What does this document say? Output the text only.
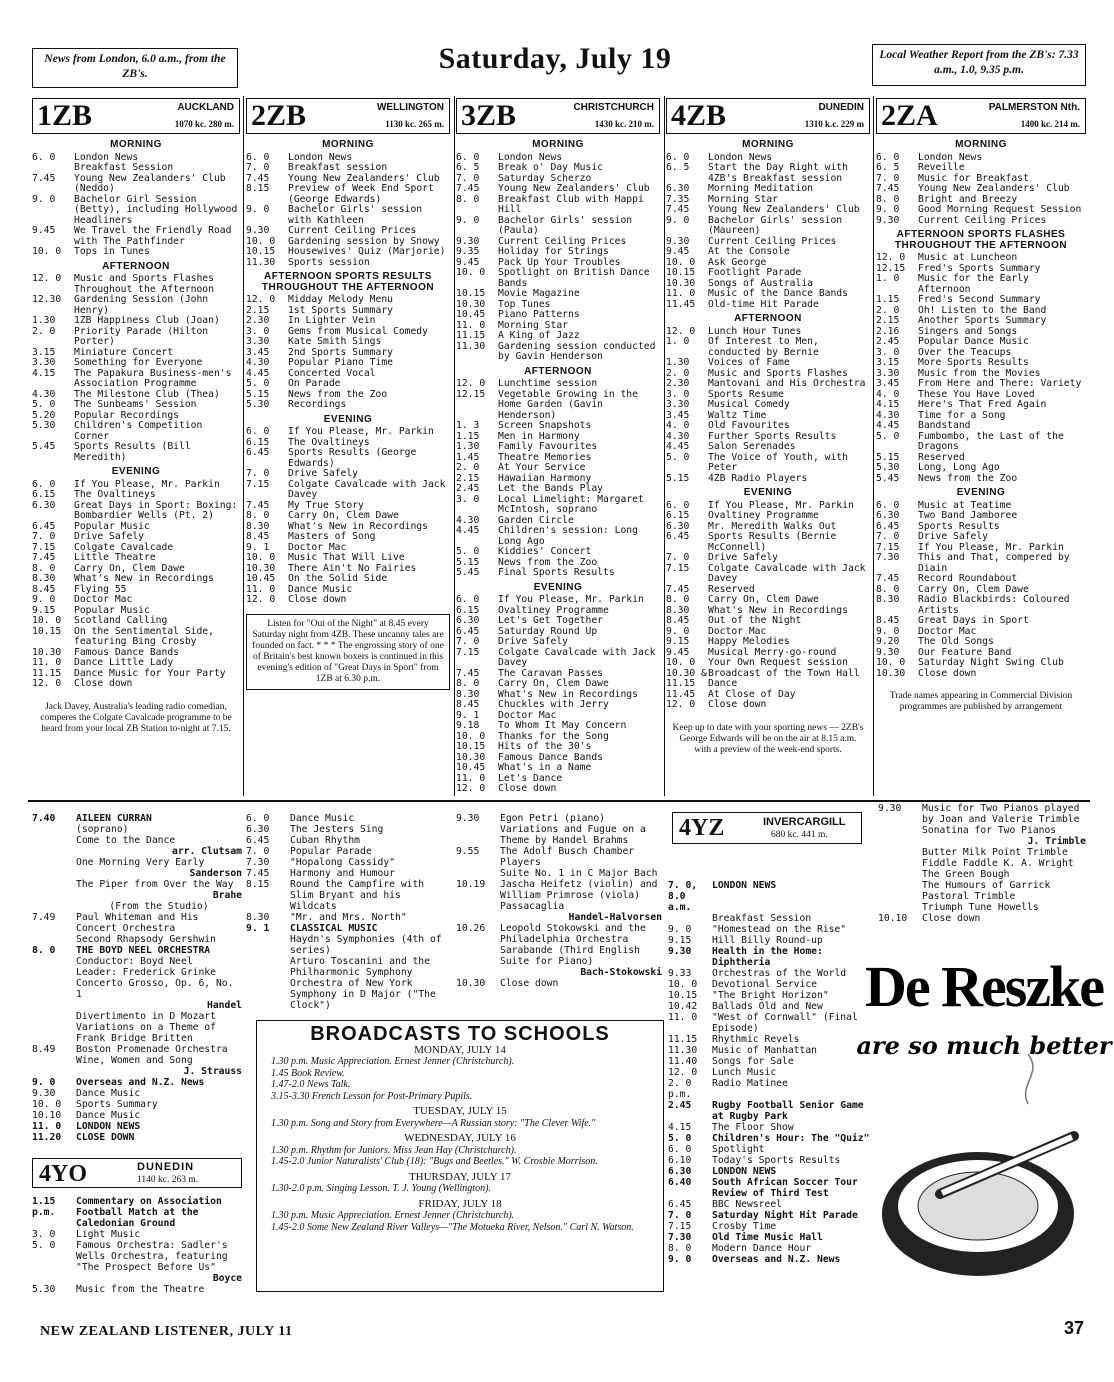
News from London, 6.0 a.m., from the ZB's.	Saturday, July 19	Local Weather Report from the ZB's: 7.33 a.m., 1.0, 9.35 p.m.
1ZB	AUCKLAND
1070 kc. 280 m.
MORNING
6. 0	London News
Breakfast Session
7.45	Young New Zealanders' Club (Neddo)
9. 0	Bachelor Girl Session (Betty), including Hollywood Headliners
9.45	We Travel the Friendly Road with The Pathfinder
10. 0	Tops in Tunes
AFTERNOON
12. 0	Music and Sports Flashes Throughout the Afternoon
12.30	Gardening Session (John Henry)
1.30	1ZB Happiness Club (Joan)
2. 0	Priority Parade (Hilton Porter)
3.15	Miniature Concert
3.30	Something for Everyone
4.15	The Papakura Business-men's Association Programme
4.30	The Milestone Club (Thea)
5. 0	The Sunbeams' Session
5.20	Popular Recordings
5.30	Children's Competition Corner
5.45	Sports Results (Bill Meredith)
EVENING
6. 0	If You Please, Mr. Parkin
6.15	The Ovaltineys
6.30	Great Days in Sport: Boxing: Bombardier Wells (Pt. 2)
6.45	Popular Music
7. 0	Drive Safely
7.15	Colgate Cavalcade
7.45	Little Theatre
8. 0	Carry On, Clem Dawe
8.30	What's New in Recordings
8.45	Flying 55
9. 0	Doctor Mac
9.15	Popular Music
10. 0	Scotland Calling
10.15	On the Sentimental Side, featuring Bing Crosby
10.30	Famous Dance Bands
11. 0	Dance Little Lady
11.15	Dance Music for Your Party
12. 0	Close down
Jack Davey, Australia's leading radio comedian, comperes the Colgate Cavalcade programme to be heard from your local ZB Station to-night at 7.15.
2ZB	WELLINGTON
1130 kc. 265 m.
MORNING
6. 0	London News
7. 0	Breakfast session
7.45	Young New Zealanders' Club
8.15	Preview of Week End Sport (George Edwards)
9. 0	Bachelor Girls' session with Kathleen
9.30	Current Ceiling Prices
10. 0	Gardening session by Snowy
10.15	Housewives' Quiz (Marjorie)
11.30	Sports session
AFTERNOON SPORTS RESULTS THROUGHOUT THE AFTERNOON
12. 0	Midday Melody Menu
2.15	1st Sports Summary
2.30	In Lighter Vein
3. 0	Gems from Musical Comedy
3.30	Kate Smith Sings
3.45	2nd Sports Summary
4.30	Popular Piano Time
4.45	Concerted Vocal
5. 0	On Parade
5.15	News from the Zoo
5.30	Recordings
EVENING
6. 0	If You Please, Mr. Parkin
6.15	The Ovaltineys
6.45	Sports Results (George Edwards)
7. 0	Drive Safely
7.15	Colgate Cavalcade with Jack Davey
7.45	My True Story
8. 0	Carry On, Clem Dawe
8.30	What's New in Recordings
8.45	Masters of Song
9. 1	Doctor Mac
10. 0	Music That Will Live
10.30	There Ain't No Fairies
10.45	On the Solid Side
11. 0	Dance Music
12. 0	Close down
Listen for "Out of the Night" at 8.45 every Saturday night from 4ZB. These uncanny tales are founded on fact. * * * The engrossing story of one of Britain's best known boxers is continued in this evening's edition of "Great Days in Sport" from 1ZB at 6.30 p.m.
3ZB	CHRISTCHURCH
1430 kc. 210 m.
MORNING
6. 0	London News
6. 5	Break o' Day Music
7. 0	Saturday Scherzo
7.45	Young New Zealanders' Club
8. 0	Breakfast Club with Happi Hill
9. 0	Bachelor Girls' session (Paula)
9.30	Current Ceiling Prices
9.35	Holiday for Strings
9.45	Pack Up Your Troubles
10. 0	Spotlight on British Dance Bands
10.15	Movie Magazine
10.30	Top Tunes
10.45	Piano Patterns
11. 0	Morning Star
11.15	A King of Jazz
11.30	Gardening session conducted by Gavin Henderson
AFTERNOON
12. 0	Lunchtime session
12.15	Vegetable Growing in the Home Garden (Gavin Henderson)
1. 3	Screen Snapshots
1.15	Men in Harmony
1.30	Family Favourites
1.45	Theatre Memories
2. 0	At Your Service
2.15	Hawaiian Harmony
2.45	Let the Bands Play
3. 0	Local Limelight: Margaret McIntosh, soprano
4.30	Garden Circle
4.45	Children's session: Long Long Ago
5. 0	Kiddies' Concert
5.15	News from the Zoo
5.45	Final Sports Results
EVENING
6. 0	If You Please, Mr. Parkin
6.15	Ovaltiney Programme
6.30	Let's Get Together
6.45	Saturday Round Up
7. 0	Drive Safely
7.15	Colgate Cavalcade with Jack Davey
7.45	The Caravan Passes
8. 0	Carry On, Clem Dawe
8.30	What's New in Recordings
8.45	Chuckles with Jerry
9. 1	Doctor Mac
9.18	To Whom It May Concern
10. 0	Thanks for the Song
10.15	Hits of the 30's
10.30	Famous Dance Bands
10.45	What's in a Name
11. 0	Let's Dance
12. 0	Close down
4ZB	DUNEDIN
1310 k.c. 229 m
MORNING
6. 0	London News
6. 5	Start the Day Right with 4ZB's Breakfast session
6.30	Morning Meditation
7.35	Morning Star
7.45	Young New Zealanders' Club
9. 0	Bachelor Girls' session (Maureen)
9.30	Current Ceiling Prices
9.45	At the Console
10. 0	Ask George
10.15	Footlight Parade
10.30	Songs of Australia
11. 0	Music of the Dance Bands
11.45	Old-time Hit Parade
AFTERNOON
12. 0	Lunch Hour Tunes
1. 0	Of Interest to Men, conducted by Bernie
1.30	Voices of Fame
2. 0	Music and Sports Flashes
2.30	Mantovani and His Orchestra
3. 0	Sports Resume
3.30	Musical Comedy
3.45	Waltz Time
4. 0	Old Favourites
4.30	Further Sports Results
4.45	Salon Serenades
5. 0	The Voice of Youth, with Peter
5.15	4ZB Radio Players
EVENING
6. 0	If You Please, Mr. Parkin
6.15	Ovaltiney Programme
6.30	Mr. Meredith Walks Out
6.45	Sports Results (Bernie McConnell)
7. 0	Drive Safely
7.15	Colgate Cavalcade with Jack Davey
7.45	Reserved
8. 0	Carry On, Clem Dawe
8.30	What's New in Recordings
8.45	Out of the Night
9. 0	Doctor Mac
9.15	Happy Melodies
9.45	Musical Merry-go-round
10. 0	Your Own Request session
10.30 & 11.15
Broadcast of the Town Hall Dance
11.45	At Close of Day
12. 0	Close down
Keep up to date with your sporting news — 2ZB's George Edwards will be on the air at 8.15 a.m. with a preview of the week-end sports.
2ZA	PALMERSTON Nth.
1400 kc. 214 m.
MORNING
6. 0	London News
6. 5	Reveille
7. 0	Music for Breakfast
7.45	Young New Zealanders' Club
8. 0	Bright and Breezy
9. 0	Good Morning Request Session
9.30	Current Ceiling Prices
AFTERNOON SPORTS FLASHES THROUGHOUT THE AFTERNOON
12. 0	Music at Luncheon
12.15	Fred's Sports Summary
1. 0	Music for the Early Afternoon
1.15	Fred's Second Summary
2. 0	Oh! Listen to the Band
2.15	Another Sports Summary
2.16	Singers and Songs
2.45	Popular Dance Music
3. 0	Over the Teacups
3.15	More Sports Results
3.30	Music from the Movies
3.45	From Here and There: Variety
4. 0	These You Have Loved
4.15	Here's That Fred Again
4.30	Time for a Song
4.45	Bandstand
5. 0	Fumbombo, the Last of the Dragons
5.15	Reserved
5.30	Long, Long Ago
5.45	News from the Zoo
EVENING
6. 0	Music at Teatime
6.30	Two Band Jamboree
6.45	Sports Results
7. 0	Drive Safely
7.15	If You Please, Mr. Parkin
7.30	This and That, compered by Diain
7.45	Record Roundabout
8. 0	Carry On, Clem Dawe
8.30	Radio Blackbirds: Coloured Artists
8.45	Great Days in Sport
9. 0	Doctor Mac
9.20	The Old Songs
9.30	Our Feature Band
10. 0	Saturday Night Swing Club
10.30	Close down
Trade names appearing in Commercial Division programmes are published by arrangement
7.40	AILEEN CURRAN
(soprano)
Come to the Dance
arr. Clutsam
One Morning Very Early
Sanderson
The Piper from Over the Way
Brahe
(From the Studio)
7.49	Paul Whiteman and His Concert Orchestra
Second Rhapsody Gershwin
8. 0	THE BOYD NEEL ORCHESTRA
Conductor: Boyd Neel
Leader: Frederick Grinke
Concerto Grosso, Op. 6, No. 1
Handel
Divertimento in D Mozart
Variations on a Theme of Frank Bridge Britten
8.49	Boston Promenade Orchestra
Wine, Women and Song
J. Strauss
9. 0	Overseas and N.Z. News
9.30	Dance Music
10. 0	Sports Summary
10.10	Dance Music
11. 0	LONDON NEWS
11.20	CLOSE DOWN
6. 0	Dance Music
6.30	The Jesters Sing
6.45	Cuban Rhythm
7. 0	Popular Parade
7.30	"Hopalong Cassidy"
7.45	Harmony and Humour
8.15	Round the Campfire with Slim Bryant and his Wildcats
8.30	"Mr. and Mrs. North"
9. 1	CLASSICAL MUSIC
Haydn's Symphonies (4th of series)
Arturo Toscanini and the Philharmonic Symphony Orchestra of New York
Symphony in D Major ("The Clock")
9.30	Egon Petri (piano)
Variations and Fugue on a Theme by Handel Brahms
9.55	The Adolf Busch Chamber Players
Suite No. 1 in C Major Bach
10.19	Jascha Heifetz (violin) and William Primrose (viola)
Passacaglia
Handel-Halvorsen
10.26	Leopold Stokowski and the Philadelphia Orchestra
Sarabande (Third English Suite for Piano)
Bach-Stokowski
10.30	Close down
7. 0, 8.0 a.m.
LONDON NEWS
Breakfast Session
9. 0	"Homestead on the Rise"
9.15	Hill Billy Round-up
9.30	Health in the Home: Diphtheria
9.33	Orchestras of the World
10. 0	Devotional Service
10.15	"The Bright Horizon"
10.42	Ballads Old and New
11. 0	"West of Cornwall" (Final Episode)
11.15	Rhythmic Revels
11.30	Music of Manhattan
11.40	Songs for Sale
12. 0	Lunch Music
2. 0 p.m.
Radio Matinee
2.45	Rugby Football Senior Game at Rugby Park
4.15	The Floor Show
5. 0	Children's Hour: The "Quiz"
6. 0	Spotlight
6.10	Today's Sports Results
6.30	LONDON NEWS
6.40	South African Soccer Tour Review of Third Test
6.45	BBC Newsreel
7. 0	Saturday Night Hit Parade
7.15	Crosby Time
7.30	Old Time Music Hall
8. 0	Modern Dance Hour
9. 0	Overseas and N.Z. News
9.30	Music for Two Pianos played by Joan and Valerie Trimble
Sonatina for Two Pianos
J. Trimble
Butter Milk Point Trimble
Fiddle Faddle K. A. Wright
The Green Bough
The Humours of Garrick
Pastoral Trimble
Triumph Tune Howells
10.10	Close down
4YO	DUNEDIN
1140 kc. 263 m.
1.15 p.m.
Commentary on Association Football Match at the Caledonian Ground
3. 0	Light Music
5. 0	Famous Orchestra: Sadler's Wells Orchestra, featuring "The Prospect Before Us"
Boyce
5.30	Music from the Theatre
4YZ	INVERCARGILL
680 kc. 441 m.
BROADCASTS TO SCHOOLS
MONDAY, JULY 14
1.30 p.m. Music Appreciation. Ernest Jenner (Christchurch).
1.45 Book Review.
1.47-2.0 News Talk.
3.15-3.30 French Lesson for Post-Primary Pupils.
TUESDAY, JULY 15
1.30 p.m. Song and Story from Everywhere—A Russian story: "The Clever Wife."
WEDNESDAY, JULY 16
1.30 p.m. Rhythm for Juniors. Miss Jean Hay (Christchurch).
1.45-2.0 Junior Naturalists' Club (18): "Bugs and Beetles." W. Crosbie Morrison.
THURSDAY, JULY 17
1.30-2.0 p.m. Singing Lesson. T. J. Young (Wellington).
FRIDAY, JULY 18
1.30 p.m. Music Appreciation. Ernest Jenner (Christchurch).
1.45-2.0 Some New Zealand River Valleys—"The Motueka River, Nelson." Carl N. Watson.
De Reszke
are so much better
NEW ZEALAND LISTENER, JULY 11	37
